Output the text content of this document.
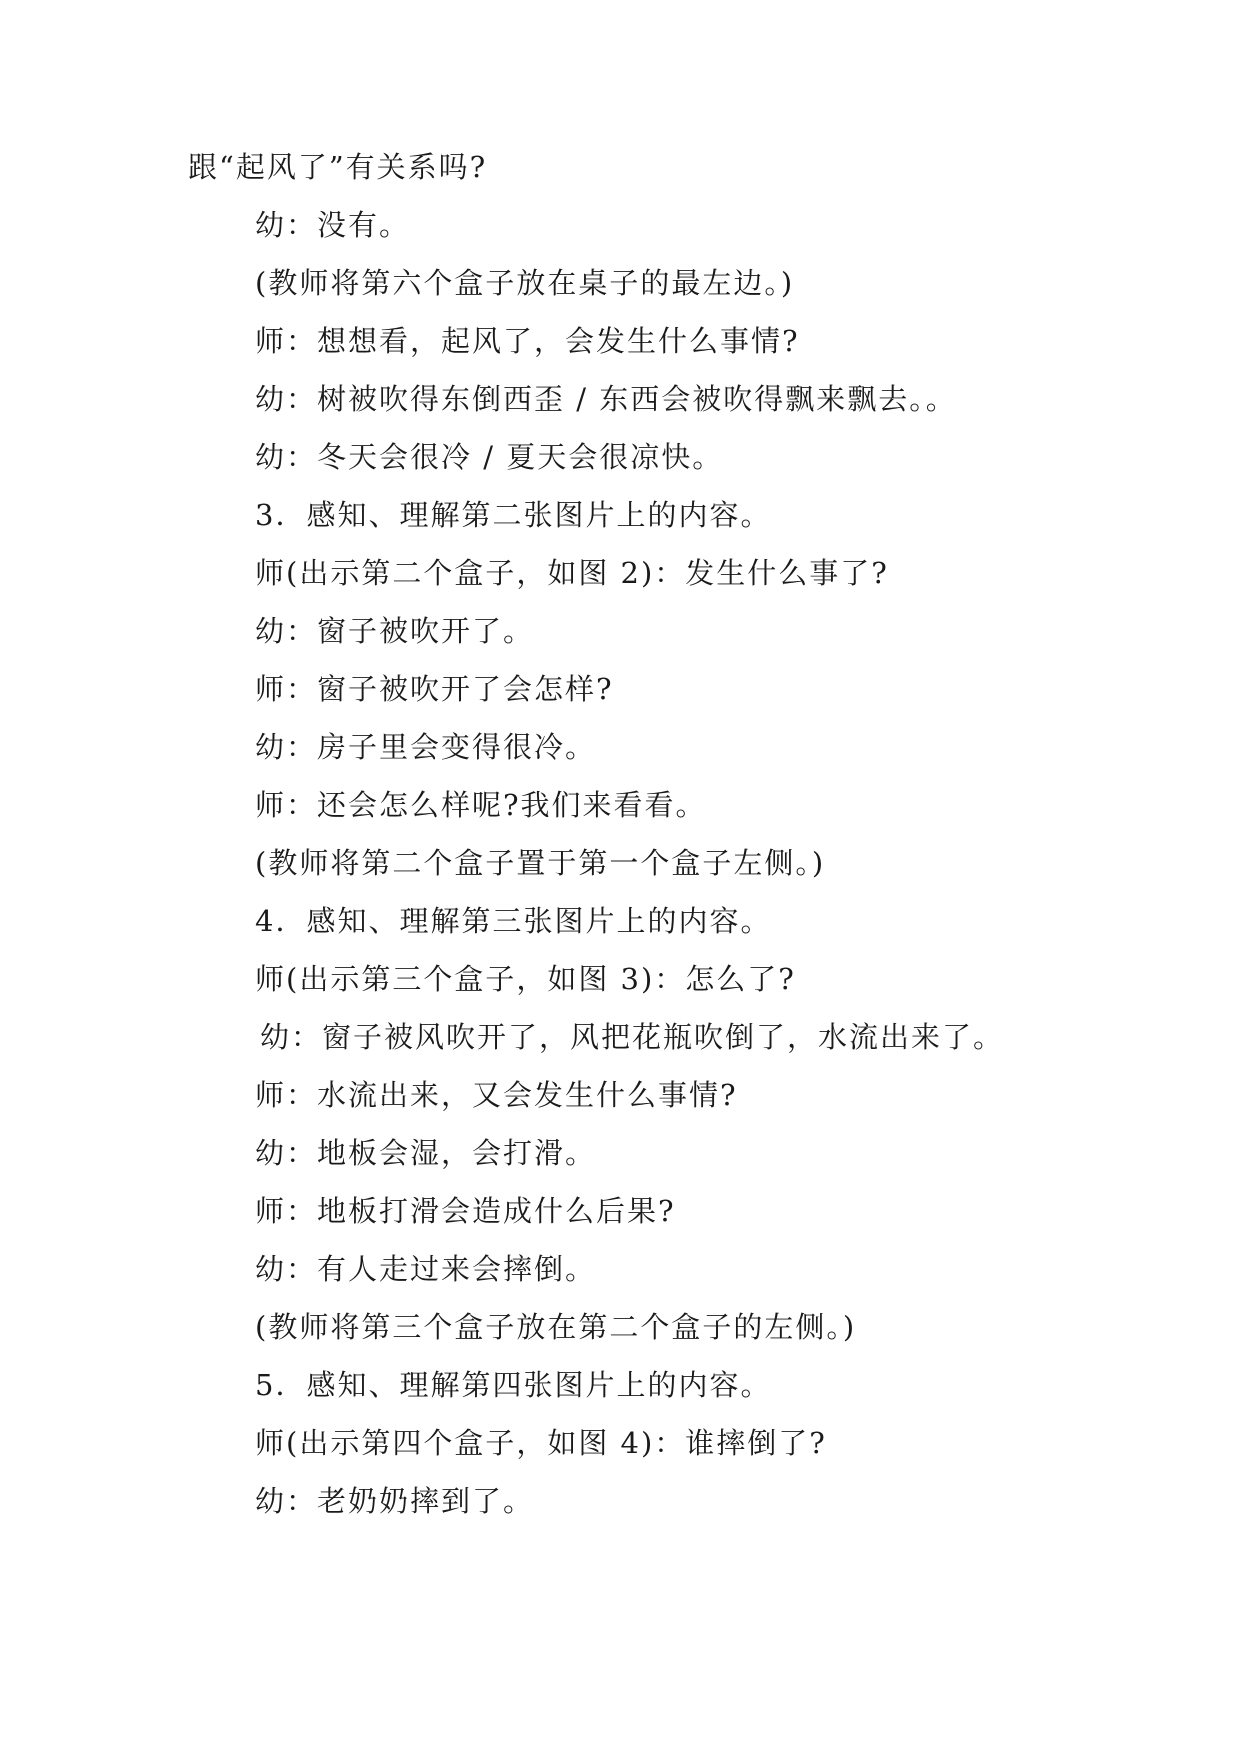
跟“起风了”有关系吗?
幼：没有。
(教师将第六个盒子放在桌子的最左边。)
师：想想看，起风了，会发生什么事情?
幼：树被吹得东倒西歪 / 东西会被吹得飘来飘去。。
幼：冬天会很冷 / 夏天会很凉快。
3．感知、理解第二张图片上的内容。
师(出示第二个盒子，如图 2)：发生什么事了?
幼：窗子被吹开了。
师：窗子被吹开了会怎样?
幼：房子里会变得很冷。
师：还会怎么样呢?我们来看看。
(教师将第二个盒子置于第一个盒子左侧。)
4．感知、理解第三张图片上的内容。
师(出示第三个盒子，如图 3)：怎么了?
幼：窗子被风吹开了，风把花瓶吹倒了，水流出来了。
师：水流出来，又会发生什么事情?
幼：地板会湿，会打滑。
师：地板打滑会造成什么后果?
幼：有人走过来会摔倒。
(教师将第三个盒子放在第二个盒子的左侧。)
5．感知、理解第四张图片上的内容。
师(出示第四个盒子，如图 4)：谁摔倒了?
幼：老奶奶摔到了。
